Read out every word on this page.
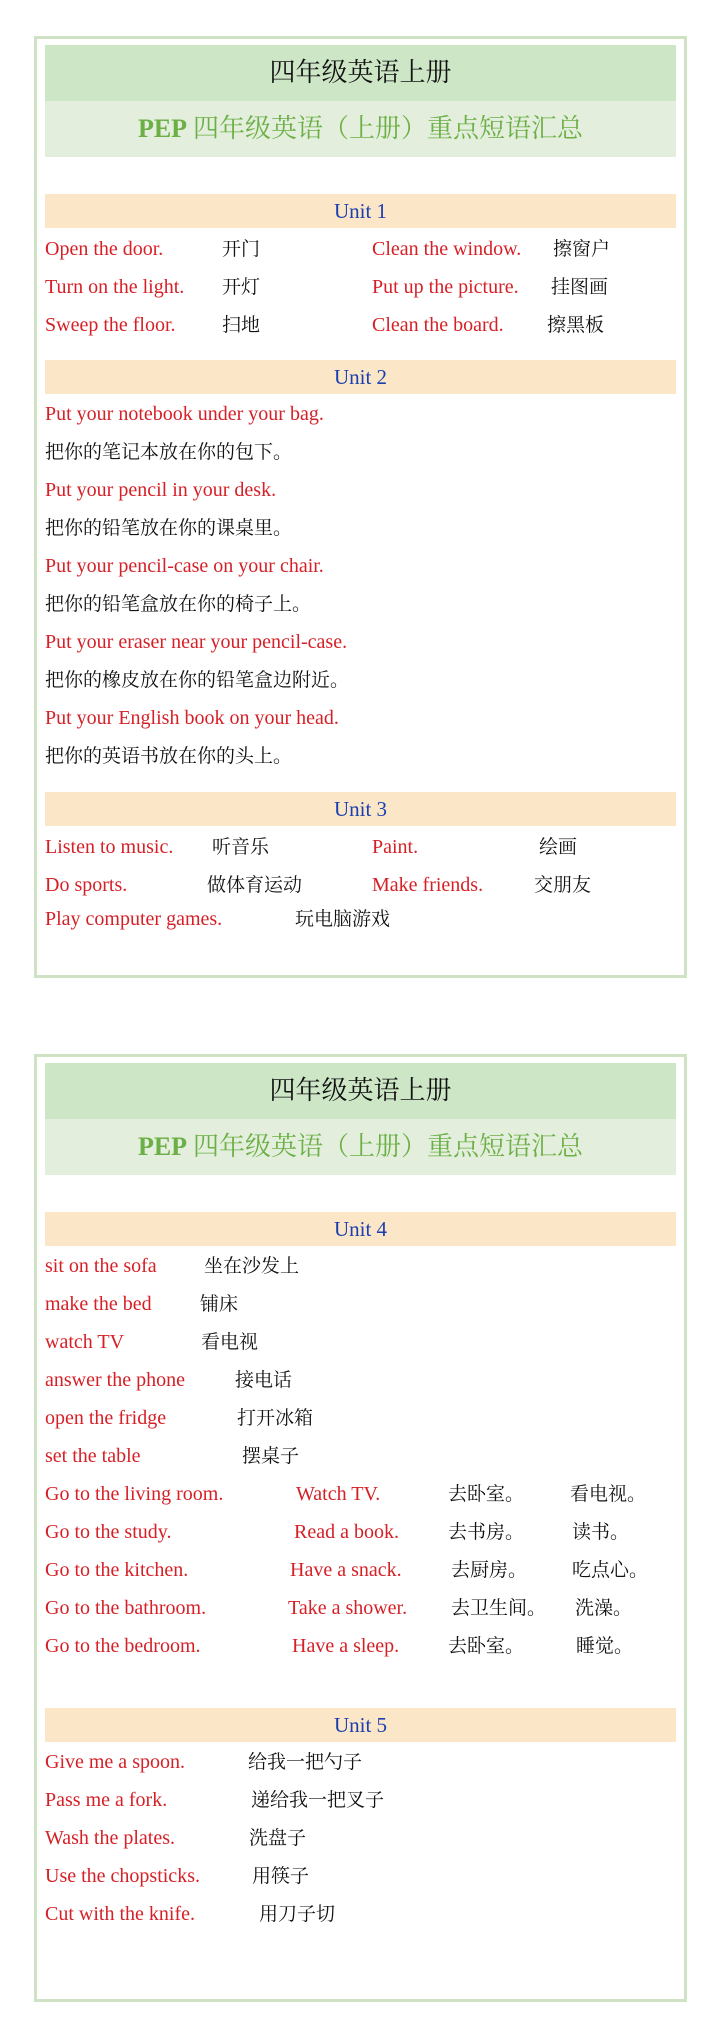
四年级英语上册
PEP 四年级英语（上册）重点短语汇总
Unit 1
Open the door.	开门	Clean the window. 擦窗户
Turn on the light. 开灯	Put up the picture. 挂图画
Sweep the floor. 扫地	Clean the board. 擦黑板
Unit 2
Put your notebook under your bag.
把你的笔记本放在你的包下。
Put your pencil in your desk.
把你的铅笔放在你的课桌里。
Put your pencil-case on your chair.
把你的铅笔盒放在你的椅子上。
Put your eraser near your pencil-case.
把你的橡皮放在你的铅笔盒边附近。
Put your English book on your head.
把你的英语书放在你的头上。
Unit 3
Listen to music. 听音乐	Paint.	绘画
Do sports.	做体育运动	Make friends.	交朋友
Play computer games.	玩电脑游戏
四年级英语上册
PEP 四年级英语（上册）重点短语汇总
Unit 4
sit on the sofa 坐在沙发上
make the bed	铺床
watch TV	看电视
answer the phone	接电话
open the fridge	打开冰箱
set the table	摆桌子
Go to the living room.	Watch TV.	去卧室。 看电视。
Go to the study.	Read a book.	去书房。	读书。
Go to the kitchen.	Have a snack.	去厨房。 吃点心。
Go to the bathroom.	Take a shower. 去卫生间。 洗澡。
Go to the bedroom.	Have a sleep.	去卧室。	睡觉。
Unit 5
Give me a spoon.	给我一把勺子
Pass me a fork.	递给我一把叉子
Wash the plates.	洗盘子
Use the chopsticks.	用筷子
Cut with the knife.	用刀子切
